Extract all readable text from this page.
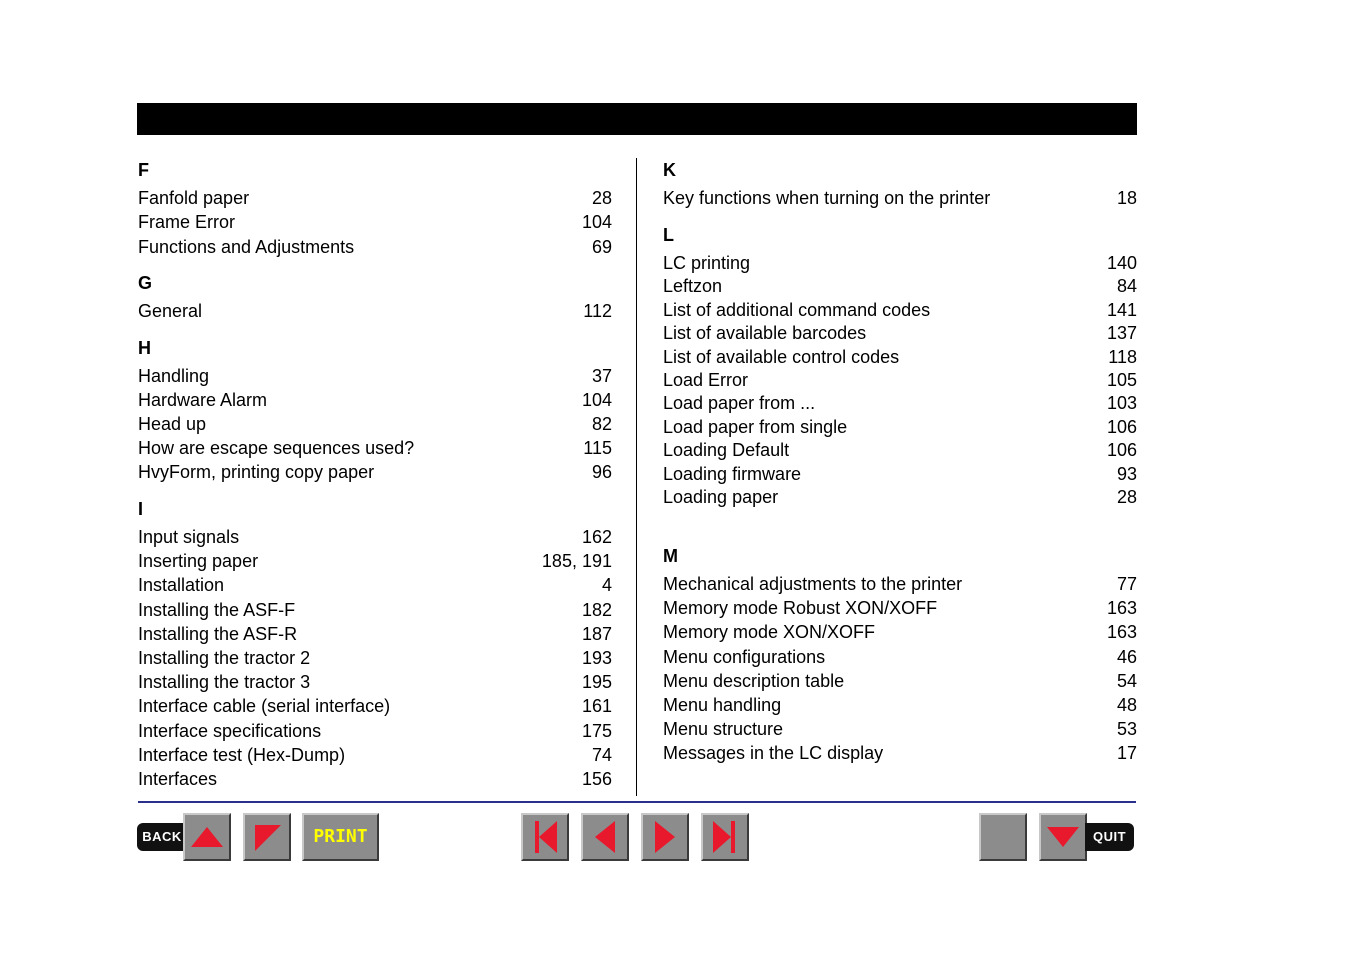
F
Fanfold paper	28
Frame Error	104
Functions and Adjustments	69
G
General	112
H
Handling	37
Hardware Alarm	104
Head up	82
How are escape sequences used?	115
HvyForm, printing copy paper	96
I
Input signals	162
Inserting paper	185, 191
Installation	4
Installing the ASF-F	182
Installing the ASF-R	187
Installing the tractor 2	193
Installing the tractor 3	195
Interface cable (serial interface)	161
Interface specifications	175
Interface test (Hex-Dump)	74
Interfaces	156
K
Key functions when turning on the printer	18
L
LC printing	140
Leftzon	84
List of additional command codes	141
List of available barcodes	137
List of available control codes	118
Load Error	105
Load paper from ...	103
Load paper from single	106
Loading Default	106
Loading firmware	93
Loading paper	28
M
Mechanical adjustments to the printer	77
Memory mode Robust XON/XOFF	163
Memory mode XON/XOFF	163
Menu configurations	46
Menu description table	54
Menu handling	48
Menu structure	53
Messages in the LC display	17
BACK	PRINT	QUIT
